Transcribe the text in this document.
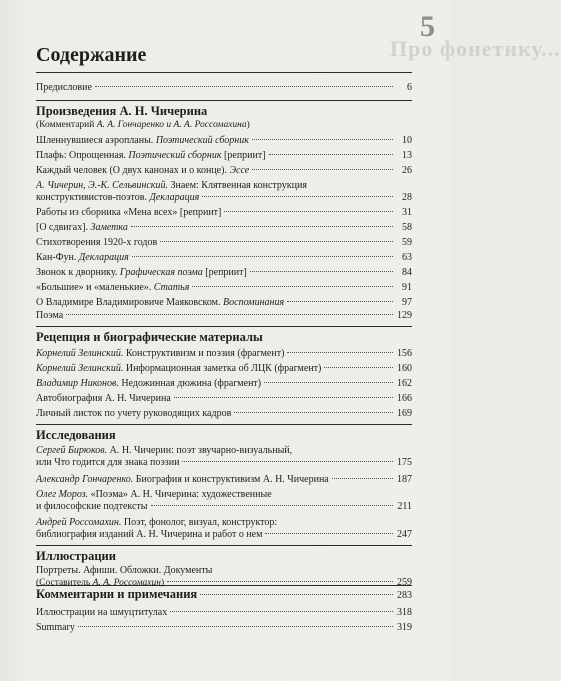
Про фонетику...
5
Содержание
Предисловие	6
Произведения А. Н. Чичерина
(Комментарий А. А. Гончаренко и А. А. Россомахина)
Шленнувшиеся аэропланы. Поэтический сборник	10
Плафь: Опрощенная. Поэтический сборник [реприит]	13
Каждый человек (О двух канонах и о конце). Эссе	26
А. Чичерин, Э.-К. Сельвинский. Знаем: Клятвенная конструкция
конструктивистов-поэтов. Декларация	28
Работы из сборника «Мена всех» [реприит]	31
[О сдвигах]. Заметка	58
Стихотворения 1920-х годов	59
Кан-Фун. Декларация	63
Звонок к дворнику. Графическая поэма [реприит]	84
«Большие» и «маленькие». Статья	91
О Владимире Владимировиче Маяковском. Воспоминания	97
Поэма	129
Рецепция и биографические материалы
Корнелий Зелинский. Конструктивизм и поэзия (фрагмент)	156
Корнелий Зелинский. Информационная заметка об ЛЦК (фрагмент)	160
Владимир Никонов. Недожинная дюжина (фрагмент)	162
Автобиография А. Н. Чичерина	166
Личный листок по учету руководящих кадров	169
Исследования
Сергей Бирюков. А. Н. Чичерин: поэт звучарно-визуальный,
или Что годится для знака поэзии	175
Александр Гончаренко. Биография и конструктивизм А. Н. Чичерина	187
Олег Мороз. «Поэма» А. Н. Чичерина: художественные
и философские подтексты	211
Андрей Россомахин. Поэт, фонолог, визуал, конструктор:
библиография изданий А. Н. Чичерина и работ о нем	247
Иллюстрации
Портреты. Афиши. Обложки. Документы
(Составитель А. А. Россомахин)	259
Комментарии и примечания	283
Иллюстрации на шмуцтитулах	318
Summary	319
